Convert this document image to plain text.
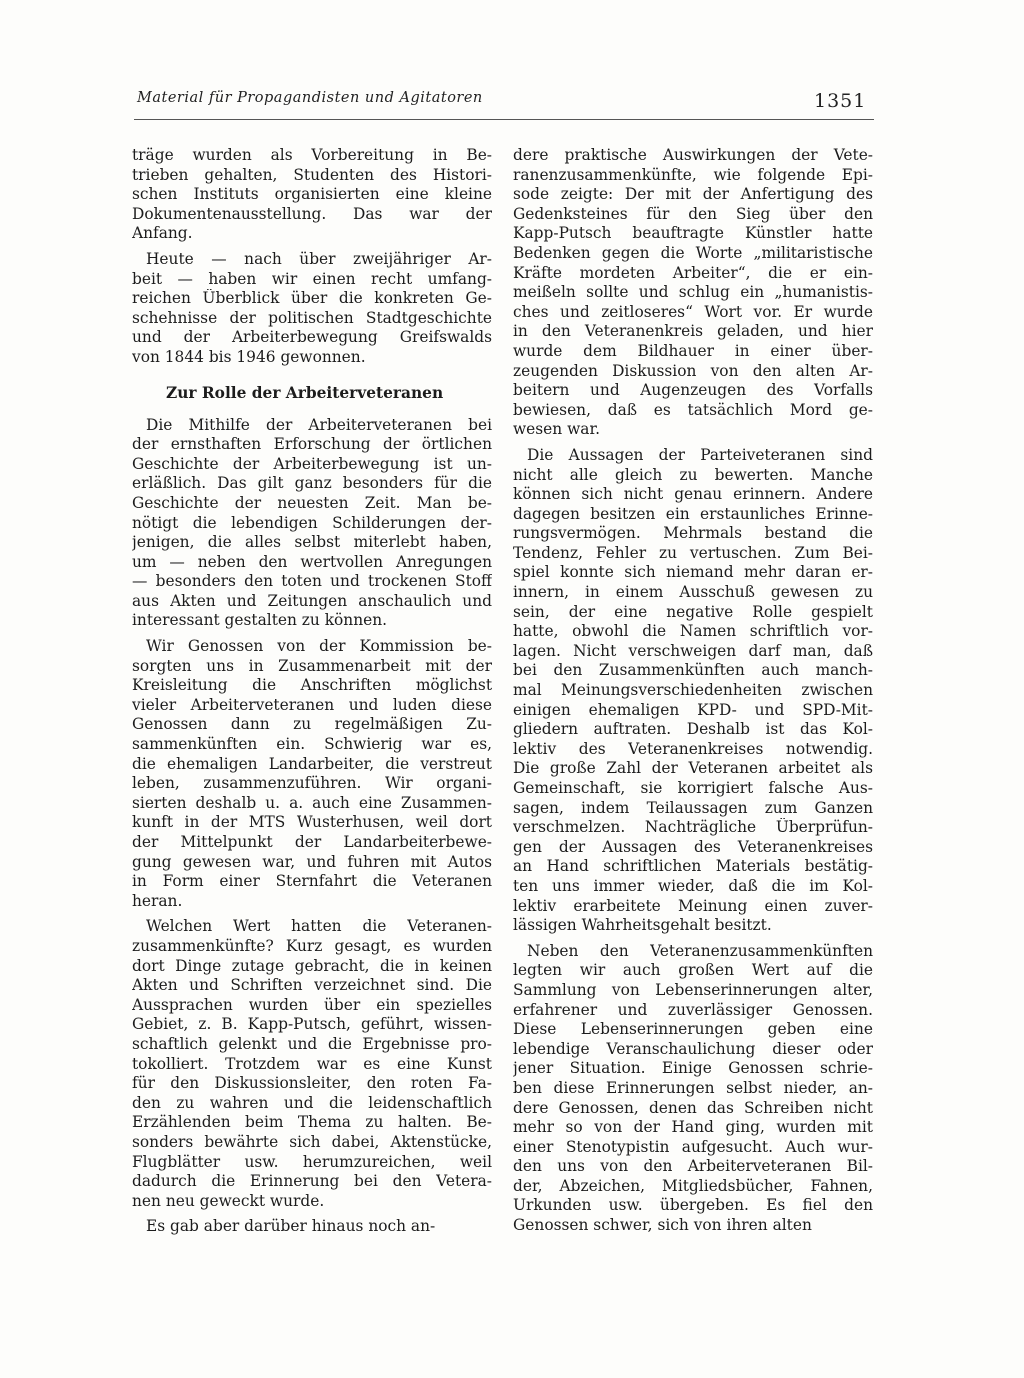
Material für Propagandisten und Agitatoren	1351
träge wurden als Vorbereitung in Be-
trieben gehalten, Studenten des Histori-
schen Instituts organisierten eine kleine
Dokumentenausstellung. Das war der
Anfang.
Heute — nach über zweijähriger Ar-
beit — haben wir einen recht umfang-
reichen Überblick über die konkreten Ge-
schehnisse der politischen Stadtgeschichte
und der Arbeiterbewegung Greifswalds
von 1844 bis 1946 gewonnen.
Zur Rolle der Arbeiterveteranen
Die Mithilfe der Arbeiterveteranen bei
der ernsthaften Erforschung der örtlichen
Geschichte der Arbeiterbewegung ist un-
erläßlich. Das gilt ganz besonders für die
Geschichte der neuesten Zeit. Man be-
nötigt die lebendigen Schilderungen der-
jenigen, die alles selbst miterlebt haben,
um — neben den wertvollen Anregungen
— besonders den toten und trockenen Stoff
aus Akten und Zeitungen anschaulich und
interessant gestalten zu können.
Wir Genossen von der Kommission be-
sorgten uns in Zusammenarbeit mit der
Kreisleitung die Anschriften möglichst
vieler Arbeiterveteranen und luden diese
Genossen dann zu regelmäßigen Zu-
sammenkünften ein. Schwierig war es,
die ehemaligen Landarbeiter, die verstreut
leben, zusammenzuführen. Wir organi-
sierten deshalb u. a. auch eine Zusammen-
kunft in der MTS Wusterhusen, weil dort
der Mittelpunkt der Landarbeiterbewe-
gung gewesen war, und fuhren mit Autos
in Form einer Sternfahrt die Veteranen
heran.
Welchen Wert hatten die Veteranen-
zusammenkünfte? Kurz gesagt, es wurden
dort Dinge zutage gebracht, die in keinen
Akten und Schriften verzeichnet sind. Die
Aussprachen wurden über ein spezielles
Gebiet, z. B. Kapp-Putsch, geführt, wissen-
schaftlich gelenkt und die Ergebnisse pro-
tokolliert. Trotzdem war es eine Kunst
für den Diskussionsleiter, den roten Fa-
den zu wahren und die leidenschaftlich
Erzählenden beim Thema zu halten. Be-
sonders bewährte sich dabei, Aktenstücke,
Flugblätter usw. herumzureichen, weil
dadurch die Erinnerung bei den Vetera-
nen neu geweckt wurde.
Es gab aber darüber hinaus noch an-
dere praktische Auswirkungen der Vete-
ranenzusammenkünfte, wie folgende Epi-
sode zeigte: Der mit der Anfertigung des
Gedenksteines für den Sieg über den
Kapp-Putsch beauftragte Künstler hatte
Bedenken gegen die Worte „militaristische
Kräfte mordeten Arbeiter“, die er ein-
meißeln sollte und schlug ein „humanistis-
ches und zeitloseres“ Wort vor. Er wurde
in den Veteranenkreis geladen, und hier
wurde dem Bildhauer in einer über-
zeugenden Diskussion von den alten Ar-
beitern und Augenzeugen des Vorfalls
bewiesen, daß es tatsächlich Mord ge-
wesen war.
Die Aussagen der Parteiveteranen sind
nicht alle gleich zu bewerten. Manche
können sich nicht genau erinnern. Andere
dagegen besitzen ein erstaunliches Erinne-
rungsvermögen. Mehrmals bestand die
Tendenz, Fehler zu vertuschen. Zum Bei-
spiel konnte sich niemand mehr daran er-
innern, in einem Ausschuß gewesen zu
sein, der eine negative Rolle gespielt
hatte, obwohl die Namen schriftlich vor-
lagen. Nicht verschweigen darf man, daß
bei den Zusammenkünften auch manch-
mal Meinungsverschiedenheiten zwischen
einigen ehemaligen KPD- und SPD-Mit-
gliedern auftraten. Deshalb ist das Kol-
lektiv des Veteranenkreises notwendig.
Die große Zahl der Veteranen arbeitet als
Gemeinschaft, sie korrigiert falsche Aus-
sagen, indem Teilaussagen zum Ganzen
verschmelzen. Nachträgliche Überprüfun-
gen der Aussagen des Veteranenkreises
an Hand schriftlichen Materials bestätig-
ten uns immer wieder, daß die im Kol-
lektiv erarbeitete Meinung einen zuver-
lässigen Wahrheitsgehalt besitzt.
Neben den Veteranenzusammenkünften
legten wir auch großen Wert auf die
Sammlung von Lebenserinnerungen alter,
erfahrener und zuverlässiger Genossen.
Diese Lebenserinnerungen geben eine
lebendige Veranschaulichung dieser oder
jener Situation. Einige Genossen schrie-
ben diese Erinnerungen selbst nieder, an-
dere Genossen, denen das Schreiben nicht
mehr so von der Hand ging, wurden mit
einer Stenotypistin aufgesucht. Auch wur-
den uns von den Arbeiterveteranen Bil-
der, Abzeichen, Mitgliedsbücher, Fahnen,
Urkunden usw. übergeben. Es fiel den
Genossen schwer, sich von ihren alten
